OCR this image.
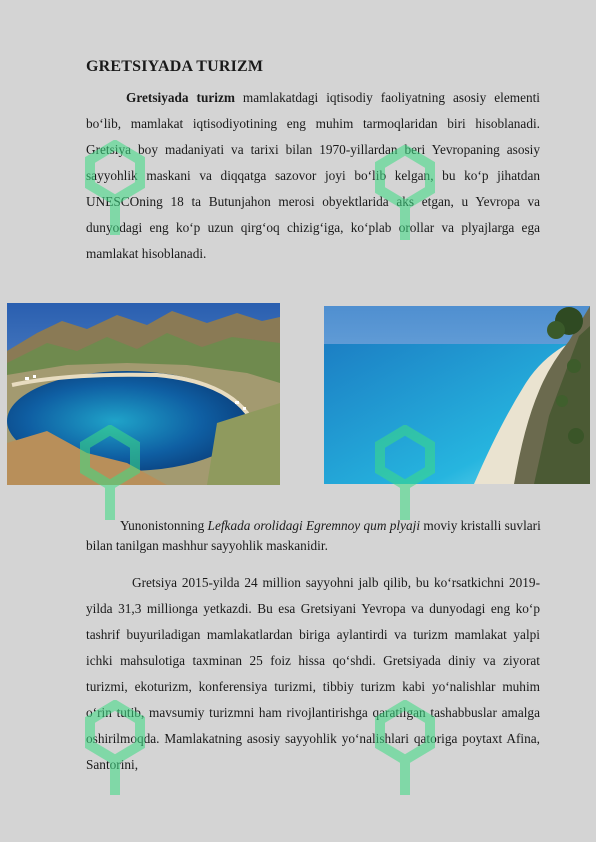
GRETSIYADA TURIZM
Gretsiyada turizm mamlakatdagi iqtisodiy faoliyatning asosiy elementi bo‘lib, mamlakat iqtisodiyotining eng muhim tarmoqlaridan biri hisoblanadi. Gretsiya boy madaniyati va tarixi bilan 1970-yillardan beri Yevropaning asosiy sayyohlik maskani va diqqatga sazovor joyi bo‘lib kelgan, bu ko‘p jihatdan UNESCOning 18 ta Butunjahon merosi obyektlarida aks etgan, u Yevropa va dunyodagi eng ko‘p uzun qirg‘oq chizig‘iga, ko‘plab orollar va plyajlarga ega mamlakat hisoblanadi.
Yunonistonning Lefkada orolidagi Egremnoy qum plyaji moviy kristalli suvlari bilan tanilgan mashhur sayyohlik maskanidir.
Gretsiya 2015-yilda 24 million sayyohni jalb qilib, bu ko‘rsatkichni 2019-yilda 31,3 millionga yetkazdi. Bu esa Gretsiyani Yevropa va dunyodagi eng ko‘p tashrif buyuriladigan mamlakatlardan biriga aylantirdi va turizm mamlakat yalpi ichki mahsulotiga taxminan 25 foiz hissa qo‘shdi. Gretsiyada diniy va ziyorat turizmi, ekoturizm, konferensiya turizmi, tibbiy turizm kabi yo‘nalishlar muhim o‘rin tutib, mavsumiy turizmni ham rivojlantirishga qaratilgan tashabbuslar amalga oshirilmoqda. Mamlakatning asosiy sayyohlik yo‘nalishlari qatoriga poytaxt Afina, Santorini,
